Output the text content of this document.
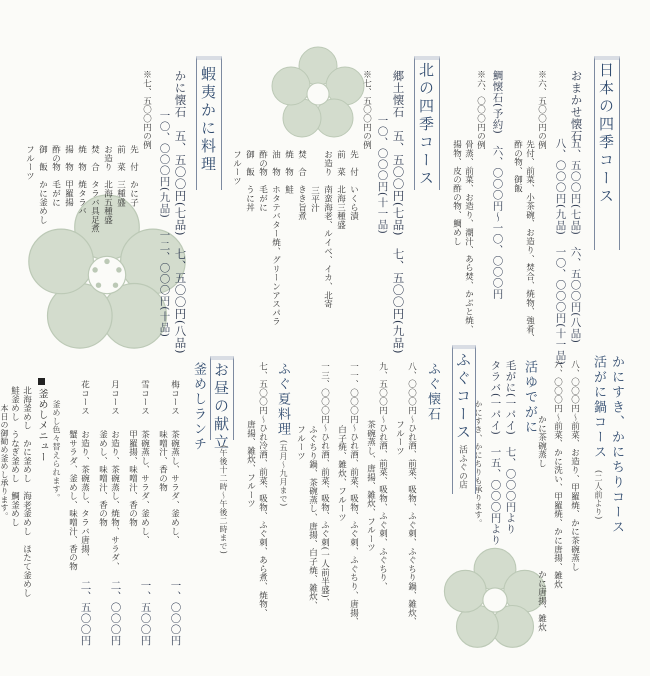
日本の四季コース
おまかせ懐石
五、五〇〇円(七品)　六、五〇〇円(八品)
八、〇〇〇円(九品)　一〇、〇〇〇円(十一品)
※六、五〇〇円の例
先付、前菜、小茶碗、お造り、焚合、焼物、強肴、
酢の物、御飯
鯛懐石(予約)　六、〇〇〇円〜一〇、〇〇〇円
※六、〇〇〇円の例
骨蒸、前菜、お造り、潮汁、あら焚、かぶと焼、
揚物、皮の酢の物、鯛めし
北の四季コース
郷土懐石　五、五〇〇円(七品)　七、五〇〇円(九品)
一〇、〇〇〇円(十一品)
※七、五〇〇円の例
先　付　いくら漬
前　菜　北海三種盛
お造り　南蛮海老、ルイベ、イカ、北寄
三平汁
焚　合　きき旨煮
焼　物　鮭
油　物　ホタテバター焼、グリーンアスパラ
酢の物　毛がに
御　飯　うに丼
フルーツ
蝦夷かに料理
かに懐石　五、五〇〇円(七品)　七、五〇〇円(八品)
一〇、〇〇〇円(九品)　一二、〇〇〇円(十品)
※七、五〇〇円の例
先　付　かに子
前　菜　三種盛
お造り　北海五種盛
焚　合　タラバ具足煮
焼　物　焼タラバ
揚　物　甲羅揚
酢の物　毛がに
御　飯　かに釜めし
フルーツ
かにすき、かにちりコース
活がに鍋コース
(二人前より)
八、〇〇〇円〜前菜、お造り、甲羅焼、かに茶碗蒸し
六、〇〇〇円〜前菜、かに洗い、甲羅焼、かに唐揚、雑炊
かに茶碗蒸し
かに唐揚、雑炊
活ゆでがに
毛がに(一パイ)　七、〇〇〇円より
タラバ(一パイ)　一五、〇〇〇円より
かにすき、かにちりも承ります。
ふぐコース
活ふぐの店
ふぐ懐石
八、〇〇〇円〜ひれ酒、前菜、吸物、ふぐ刺、ふぐちり鍋、雑炊、
フルーツ
九、五〇〇円〜ひれ酒、前菜、吸物、ふぐ刺、ふぐちり、
茶碗蒸し、唐揚、雑炊、フルーツ
一一、〇〇〇円〜ひれ酒、前菜、吸物、ふぐ刺、ふぐちり、唐揚、
白子焼、雑炊、フルーツ
一三、〇〇〇円〜ひれ酒、前菜、吸物、ふぐ刺(一人前半盛)、
ふぐちり鍋、茶碗蒸し、唐揚、白子焼、雑炊、
フルーツ
ふぐ夏料理
(五月〜九月まで)
七、五〇〇円〜ひれ冷酒、前菜、吸物、ふぐ刺、あら煮、焼物、
唐揚、雑炊、フルーツ
お昼の献立
(午後十二時〜午後二時まで)
釜めしランチ
梅コース
茶碗蒸し、サラダ、釜めし、
味噌汁、香の物
一、〇〇〇円
雪コース
茶碗蒸し、サラダ、釜めし、
甲羅揚、味噌汁、香の物
一、五〇〇円
月コース
お造り、茶碗蒸し、焼物、サラダ、
釜めし、味噌汁、香の物
二、〇〇〇円
花コース
お造り、茶碗蒸し、タラバ唐揚、
蟹サラダ、釜めし、味噌汁、香の物
二、五〇〇円
釜めし色々替えられます。
釜めしメニュー
北海釜めし　かに釜めし　海老釜めし　ほたて釜めし
鮭釜めし　うなぎ釜めし　鯛釜めし
本日の御勧め釜めし承ります。
